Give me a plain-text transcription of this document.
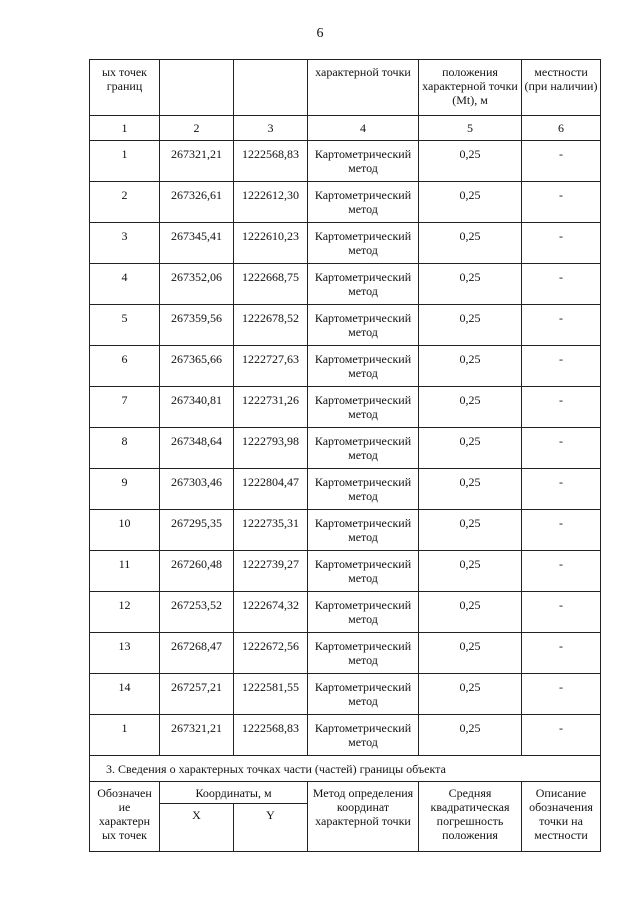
6
ых точек границ			характерной точки	положения характерной точки (Mt), м	местности (при наличии)
1	2	3	4	5	6
1	267321,21	1222568,83	Картометрический метод	0,25	-
2	267326,61	1222612,30	Картометрический метод	0,25	-
3	267345,41	1222610,23	Картометрический метод	0,25	-
4	267352,06	1222668,75	Картометрический метод	0,25	-
5	267359,56	1222678,52	Картометрический метод	0,25	-
6	267365,66	1222727,63	Картометрический метод	0,25	-
7	267340,81	1222731,26	Картометрический метод	0,25	-
8	267348,64	1222793,98	Картометрический метод	0,25	-
9	267303,46	1222804,47	Картометрический метод	0,25	-
10	267295,35	1222735,31	Картометрический метод	0,25	-
11	267260,48	1222739,27	Картометрический метод	0,25	-
12	267253,52	1222674,32	Картометрический метод	0,25	-
13	267268,47	1222672,56	Картометрический метод	0,25	-
14	267257,21	1222581,55	Картометрический метод	0,25	-
1	267321,21	1222568,83	Картометрический метод	0,25	-
3. Сведения о характерных точках части (частей) границы объекта					
Обозначен ие характерн ых точек	Координаты, м		Метод определения координат характерной точки	Средняя квадратическая погрешность положения	Описание обозначения точки на местности
	X	Y			
